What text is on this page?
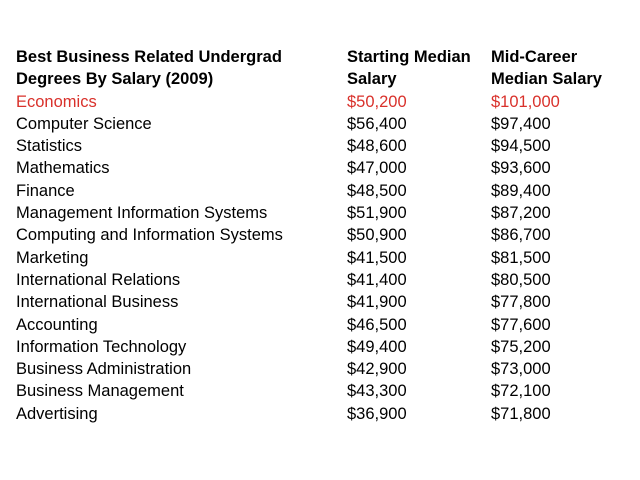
Best Business Related Undergrad Degrees By Salary (2009)	Starting Median Salary	Mid-Career Median Salary
Economics	$50,200	$101,000
Computer Science	$56,400	$97,400
Statistics	$48,600	$94,500
Mathematics	$47,000	$93,600
Finance	$48,500	$89,400
Management Information Systems	$51,900	$87,200
Computing and Information Systems	$50,900	$86,700
Marketing	$41,500	$81,500
International Relations	$41,400	$80,500
International Business	$41,900	$77,800
Accounting	$46,500	$77,600
Information Technology	$49,400	$75,200
Business Administration	$42,900	$73,000
Business Management	$43,300	$72,100
Advertising	$36,900	$71,800
